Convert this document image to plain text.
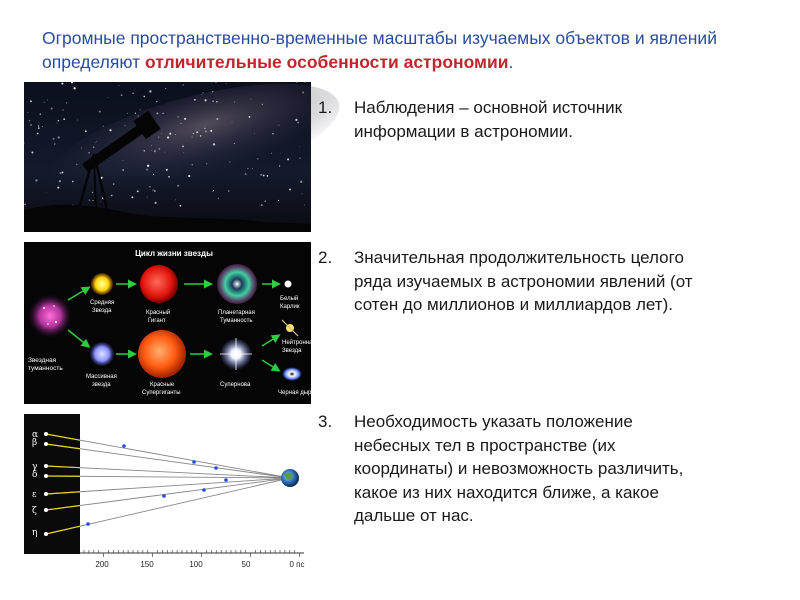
Огромные пространственно-временные масштабы изучаемых объектов и явлений определяют отличительные особенности астрономии.
Цикл жизни звезды
Звездная
туманность
Средняя
Звезда	Красный
Гигант
Планетарная
Туманность
Белый
Карлик
Массивная
звезда	Красные
Супергиганты
Супернова
Нейтронная
Звезда
Черная дыра
α
β
γ
δ
ε
ζ
η
200	150	100	50	0 пс
1.	Наблюдения – основной источник информации в астрономии.
2.	Значительная продолжительность целого ряда изучаемых в астрономии явлений (от сотен до миллионов и миллиардов лет).
3.	Необходимость указать положение небесных тел в пространстве (их координаты) и невозможность различить, какое из них находится ближе, а какое дальше от нас.
